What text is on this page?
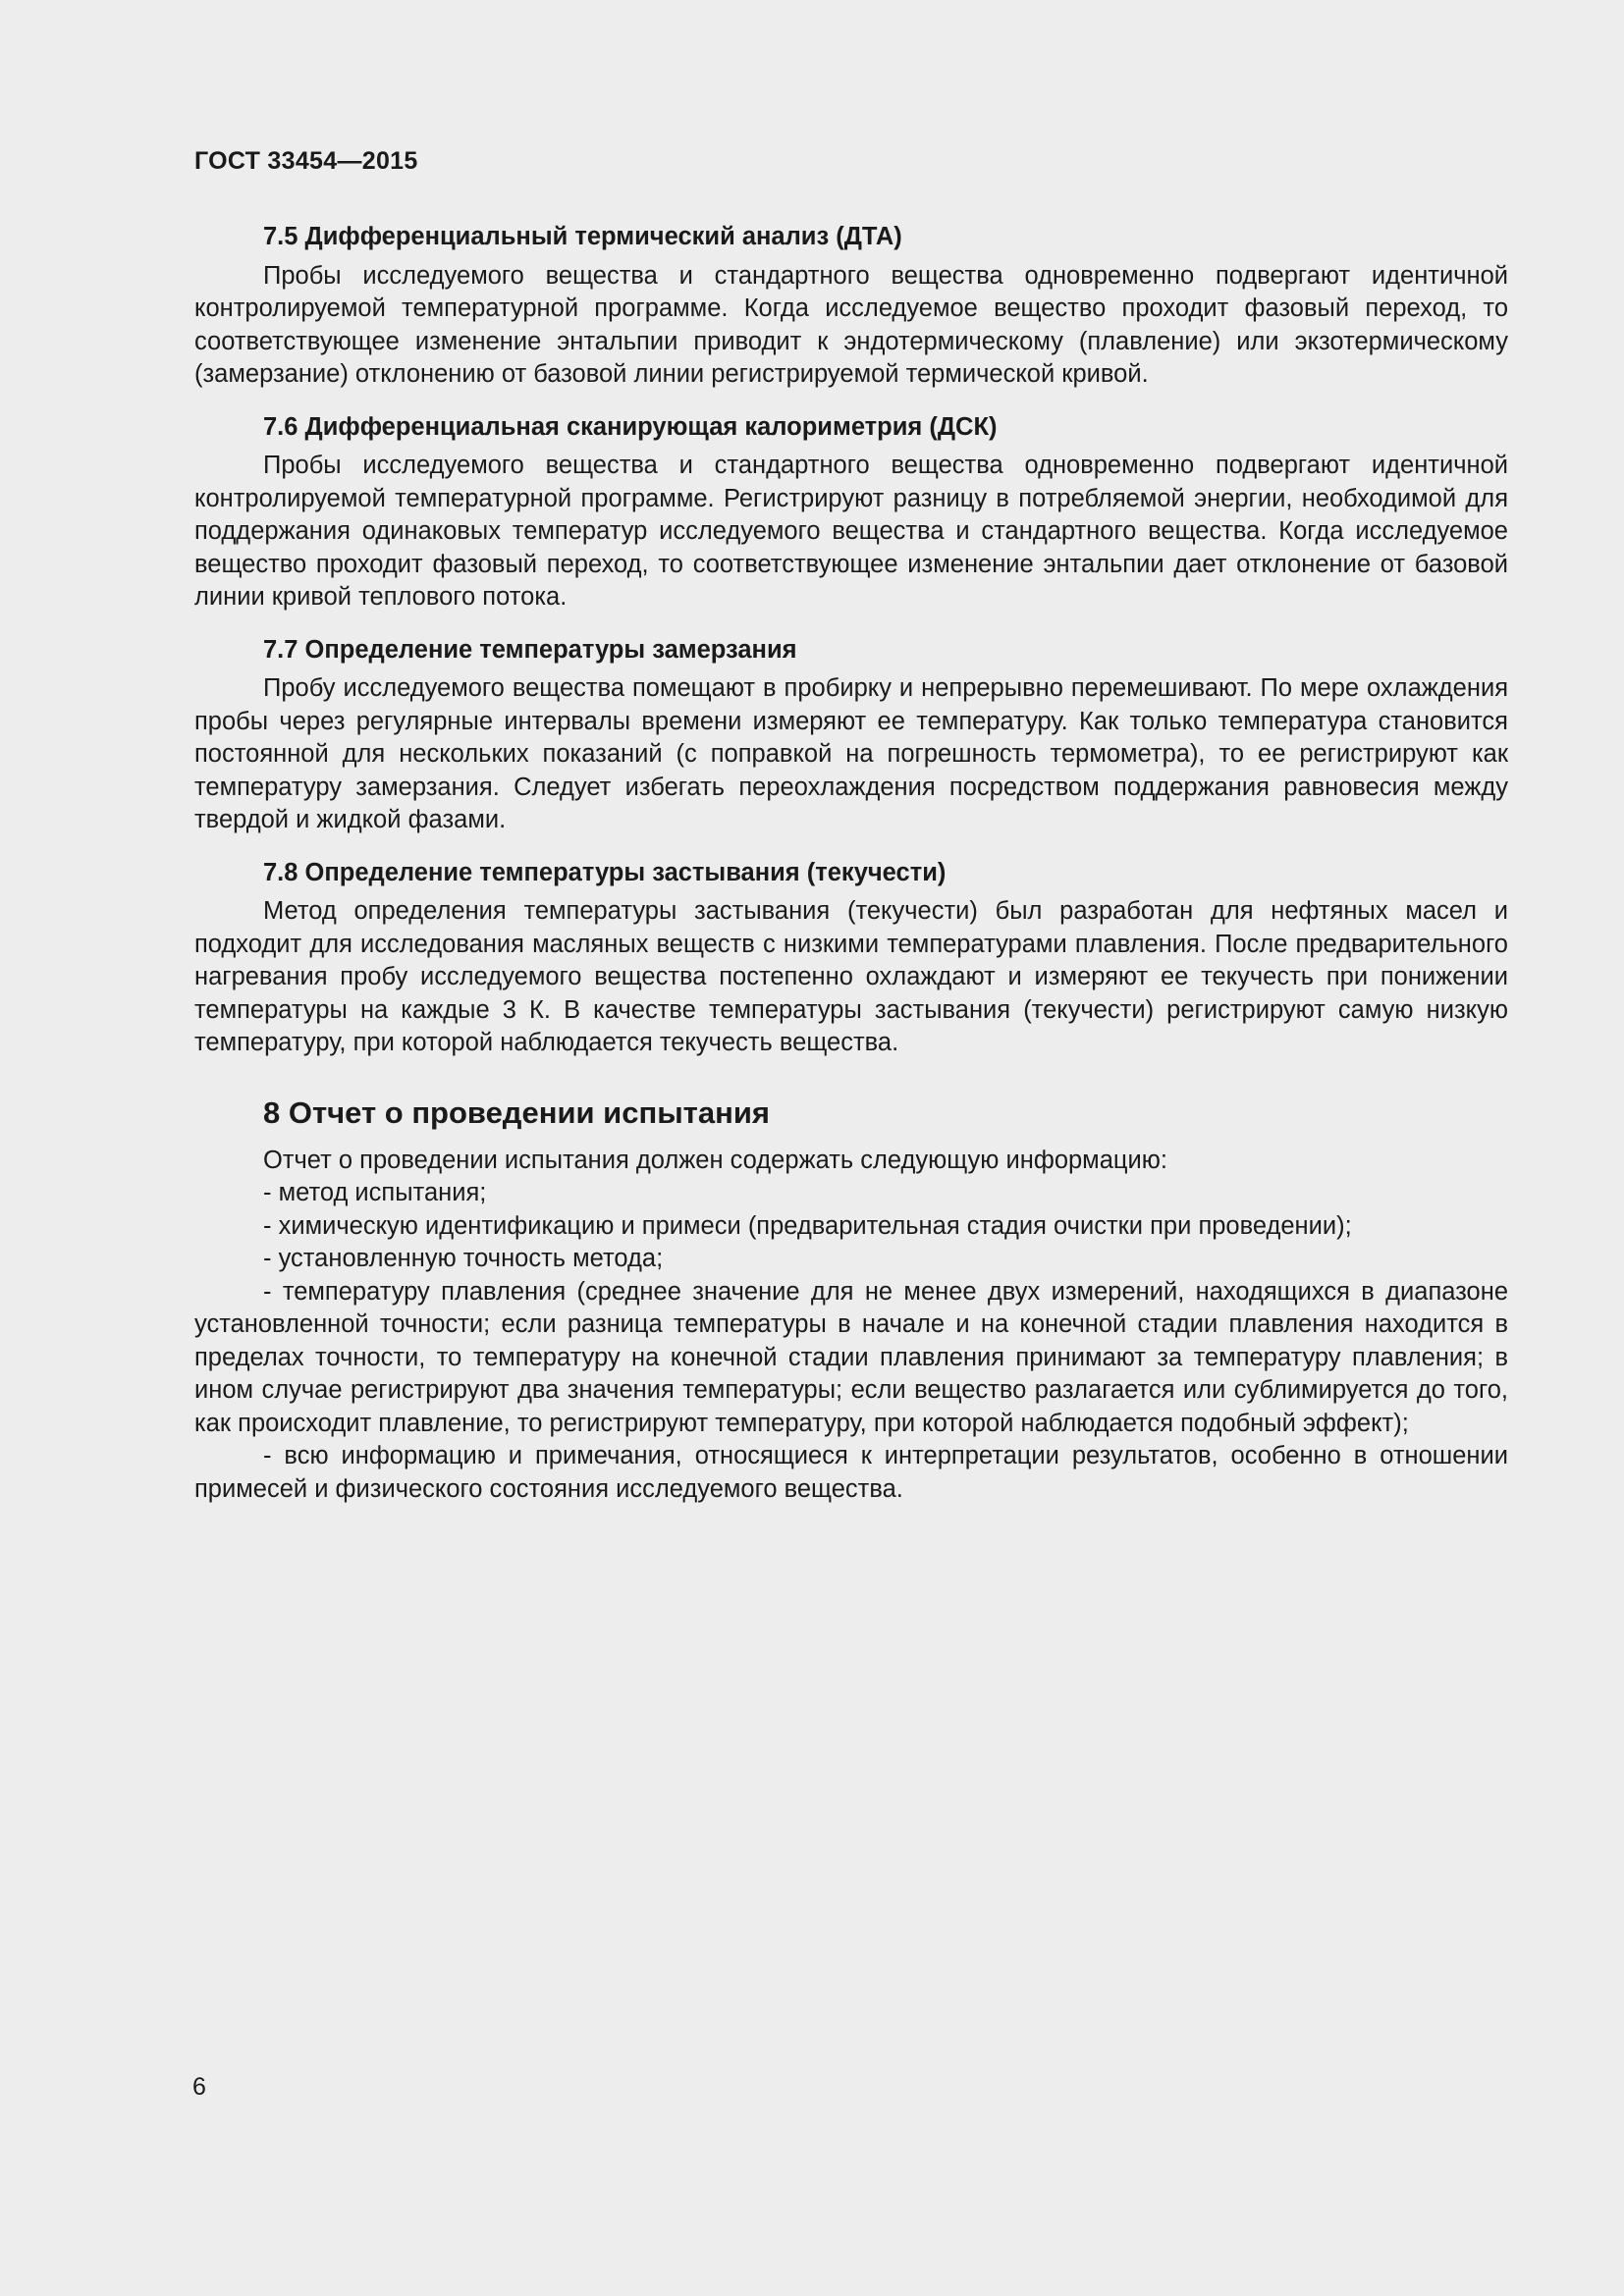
ГОСТ 33454—2015

7.5 Дифференциальный термический анализ (ДТА)

Пробы исследуемого вещества и стандартного вещества одновременно подвергают идентичной контролируемой температурной программе. Когда исследуемое вещество проходит фазовый переход, то соответствующее изменение энтальпии приводит к эндотермическому (плавление) или экзотермическому (замерзание) отклонению от базовой линии регистрируемой термической кривой.

7.6 Дифференциальная сканирующая калориметрия (ДСК)

Пробы исследуемого вещества и стандартного вещества одновременно подвергают идентичной контролируемой температурной программе. Регистрируют разницу в потребляемой энергии, необходимой для поддержания одинаковых температур исследуемого вещества и стандартного вещества. Когда исследуемое вещество проходит фазовый переход, то соответствующее изменение энтальпии дает отклонение от базовой линии кривой теплового потока.

7.7 Определение температуры замерзания

Пробу исследуемого вещества помещают в пробирку и непрерывно перемешивают. По мере охлаждения пробы через регулярные интервалы времени измеряют ее температуру. Как только температура становится постоянной для нескольких показаний (с поправкой на погрешность термометра), то ее регистрируют как температуру замерзания. Следует избегать переохлаждения посредством поддержания равновесия между твердой и жидкой фазами.

7.8 Определение температуры застывания (текучести)

Метод определения температуры застывания (текучести) был разработан для нефтяных масел и подходит для исследования масляных веществ с низкими температурами плавления. После предварительного нагревания пробу исследуемого вещества постепенно охлаждают и измеряют ее текучесть при понижении температуры на каждые 3 К. В качестве температуры застывания (текучести) регистрируют самую низкую температуру, при которой наблюдается текучесть вещества.

8 Отчет о проведении испытания

Отчет о проведении испытания должен содержать следующую информацию:

- метод испытания;

- химическую идентификацию и примеси (предварительная стадия очистки при проведении);

- установленную точность метода;

- температуру плавления (среднее значение для не менее двух измерений, находящихся в диапазоне установленной точности; если разница температуры в начале и на конечной стадии плавления находится в пределах точности, то температуру на конечной стадии плавления принимают за температуру плавления; в ином случае регистрируют два значения температуры; если вещество разлагается или сублимируется до того, как происходит плавление, то регистрируют температуру, при которой наблюдается подобный эффект);

- всю информацию и примечания, относящиеся к интерпретации результатов, особенно в отношении примесей и физического состояния исследуемого вещества.

6
